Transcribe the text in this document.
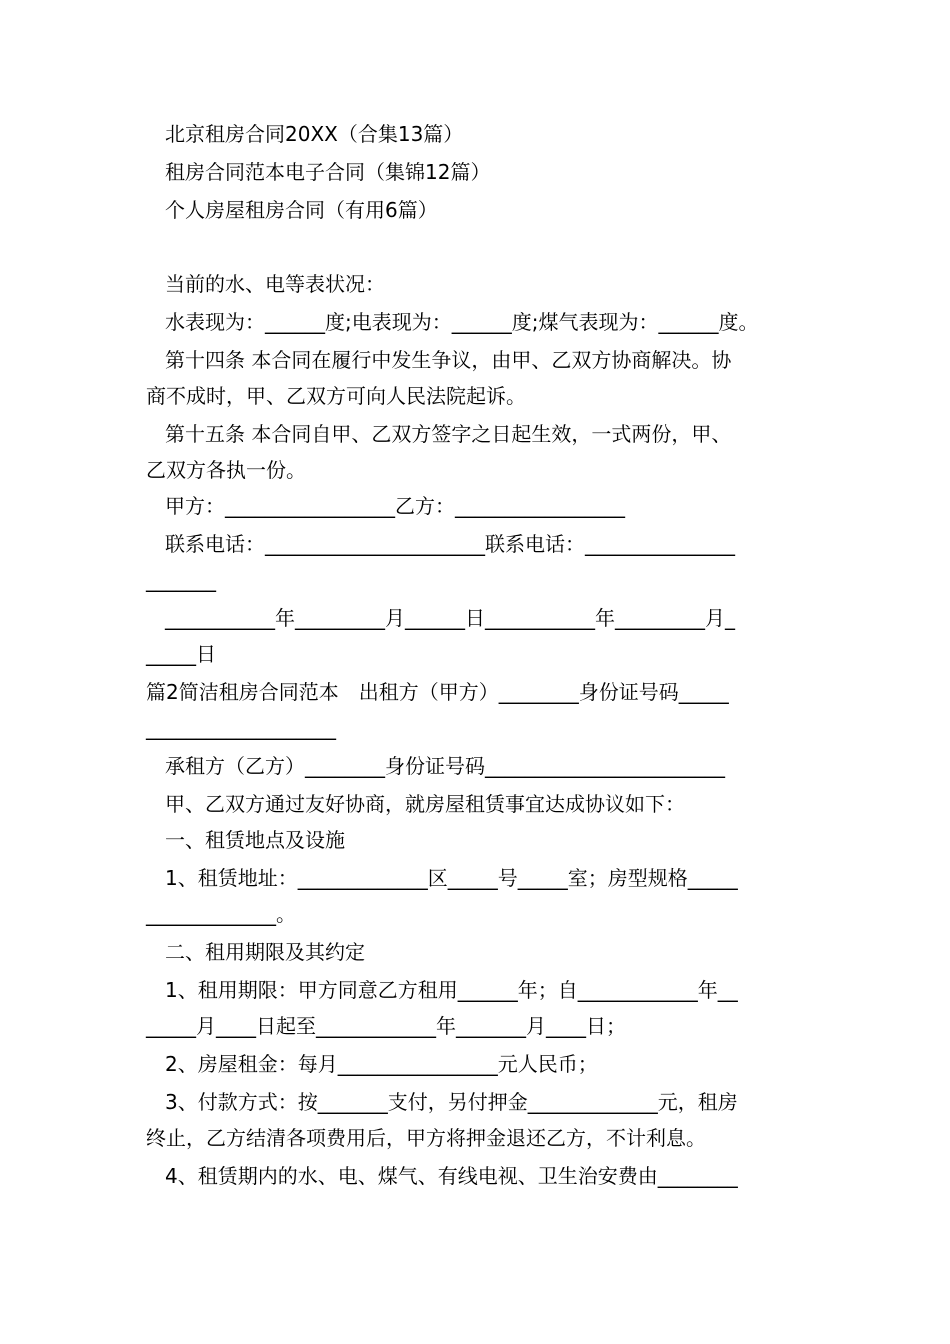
北京租房合同20XX（合集13篇）
租房合同范本电子合同（集锦12篇）
个人房屋租房合同（有用6篇）
当前的水、电等表状况：
水表现为：______度;电表现为：______度;煤气表现为：______度。
第十四条 本合同在履行中发生争议，由甲、乙双方协商解决。协
商不成时，甲、乙双方可向人民法院起诉。
第十五条 本合同自甲、乙双方签字之日起生效，一式两份，甲、
乙双方各执一份。
甲方：_________________乙方：_________________
联系电话：______________________联系电话：_______________
_______
___________年_________月______日___________年_________月_
_____日
篇2简洁租房合同范本　出租方（甲方）________身份证号码_____
___________________
承租方（乙方）________身份证号码________________________
甲、乙双方通过友好协商，就房屋租赁事宜达成协议如下：
一、租赁地点及设施
1、租赁地址：_____________区_____号_____室；房型规格_____
_____________。
二、租用期限及其约定
1、租用期限：甲方同意乙方租用______年；自____________年__
_____月____日起至____________年_______月____日；
2、房屋租金：每月________________元人民币；
3、付款方式：按_______支付，另付押金_____________元，租房
终止，乙方结清各项费用后，甲方将押金退还乙方，不计利息。
4、租赁期内的水、电、煤气、有线电视、卫生治安费由________
